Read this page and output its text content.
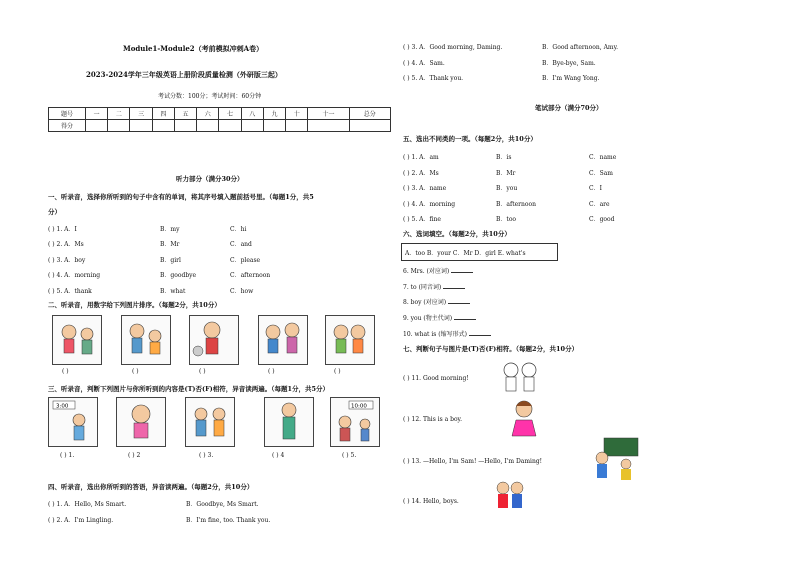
Module1-Module2（考前模拟冲刺A卷）
2023-2024学年三年级英语上册阶段质量检测（外研版三起）
考试分数：100分；考试时间：60分钟
题号	一	二	三	四	五	六	七	八	九	十	十一	总分
得分												
听力部分（满分30分）
一、听录音，选择你所听到的句子中含有的单词，将其序号填入题前括号里。（每题1分，共5
分）
( ) 1. A．I	B．my	C．hi
( ) 2. A．Ms	B．Mr	C．and
( ) 3. A．boy	B．girl	C．please
( ) 4. A．morning	B．goodbye	C．afternoon
( ) 5. A．thank	B．what	C．how
二、听录音，用数字给下列图片排序。（每题2分，共10分）
( )	( )	( )	( )	( )
三、听录音，判断下列图片与你所听到的内容是(T)否(F)相符，异音读两遍。（每题1分，共5分）
3:00	10:00
( ) 1.	( ) 2	( ) 3.	( ) 4	( ) 5.
四、听录音，选出你所听到的答语，异音读两遍。（每题2分，共10分）
( ) 1. A．Hello, Ms Smart.	B．Goodbye, Ms Smart.
( ) 2. A．I'm Lingling.	B．I'm fine, too. Thank you.
( ) 3. A．Good morning, Daming.	B．Good afternoon, Amy.
( ) 4. A．Sam.	B．Bye-bye, Sam.
( ) 5. A．Thank you.	B．I'm Wang Yong.
笔试部分（满分70分）
五、选出不同类的一项。（每题2分，共10分）
( ) 1. A．am	B．is	C．name
( ) 2. A．Ms	B．Mr	C．Sam
( ) 3. A．name	B．you	C．I
( ) 4. A．morning	B．afternoon	C．are
( ) 5. A．fine	B．too	C．good
六、选词填空。（每题2分，共10分）
A．too B．your C．Mr D．girl E. what's
6. Mrs. (对应词)
7. to (同音词)
8. boy (对应词)
9. you (物主代词)
10. what is (缩写形式)
七、判断句子与图片是(T)否(F)相符。（每题2分，共10分）
( ) 11. Good morning!
( ) 12. This is a boy.
( ) 13. —Hello, I'm Sam! —Hello, I'm Daming!
( ) 14. Hello, boys.
